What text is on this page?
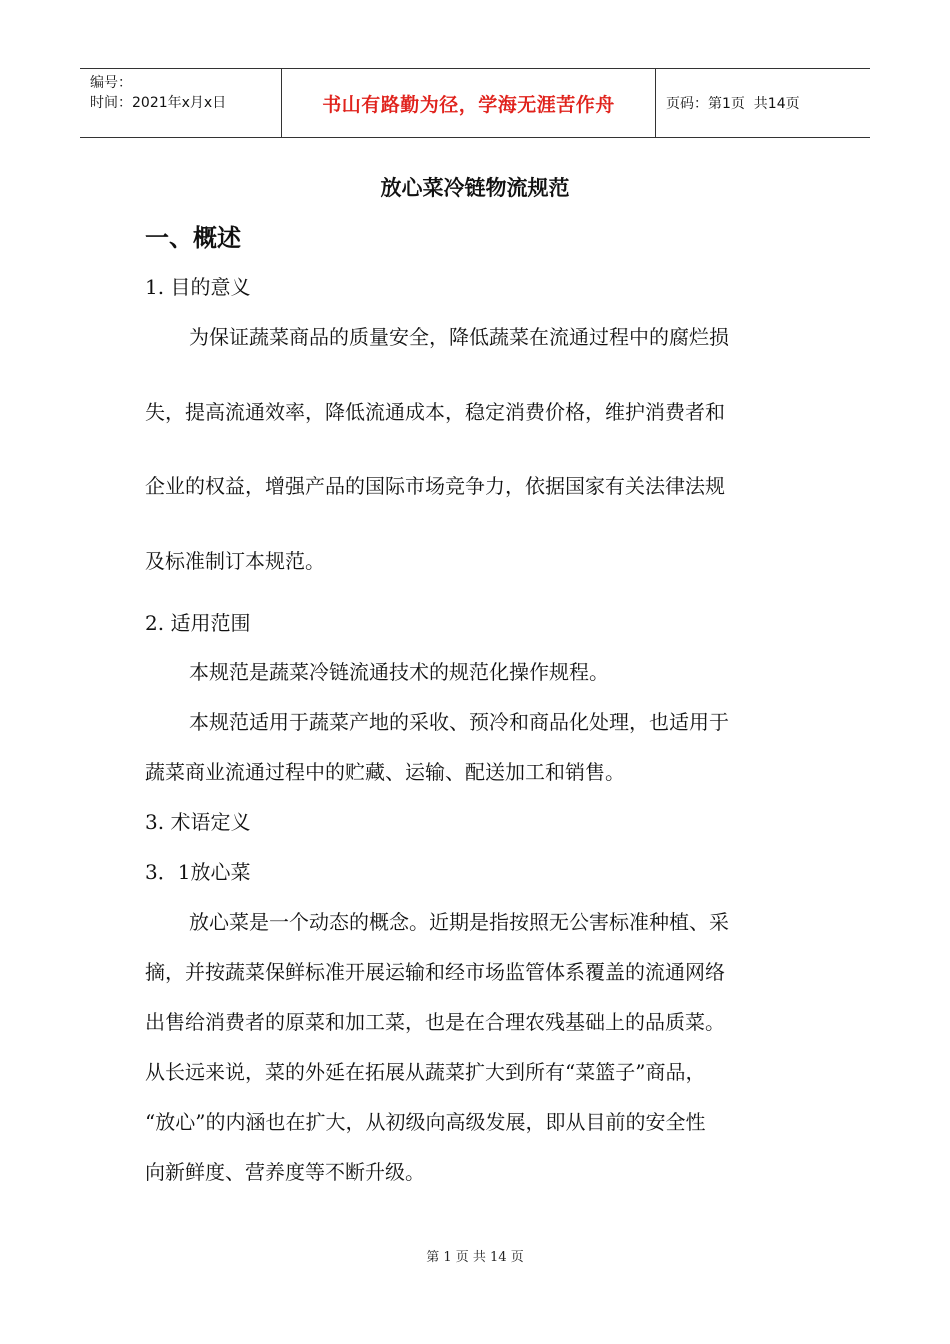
编号：
时间：2021年x月x日	书山有路勤为径，学海无涯苦作舟	页码：第1页  共14页
放心菜冷链物流规范
一、概述
1. 目的意义
为保证蔬菜商品的质量安全，降低蔬菜在流通过程中的腐烂损
失，提高流通效率，降低流通成本，稳定消费价格，维护消费者和
企业的权益，增强产品的国际市场竞争力，依据国家有关法律法规
及标准制订本规范。
2. 适用范围
本规范是蔬菜冷链流通技术的规范化操作规程。
本规范适用于蔬菜产地的采收、预冷和商品化处理，也适用于
蔬菜商业流通过程中的贮藏、运输、配送加工和销售。
3. 术语定义
3．1放心菜
放心菜是一个动态的概念。近期是指按照无公害标准种植、采
摘，并按蔬菜保鲜标准开展运输和经市场监管体系覆盖的流通网络
出售给消费者的原菜和加工菜，也是在合理农残基础上的品质菜。
从长远来说，菜的外延在拓展从蔬菜扩大到所有“菜篮子”商品，
“放心”的内涵也在扩大，从初级向高级发展，即从目前的安全性
向新鲜度、营养度等不断升级。
第 1 页 共 14 页
